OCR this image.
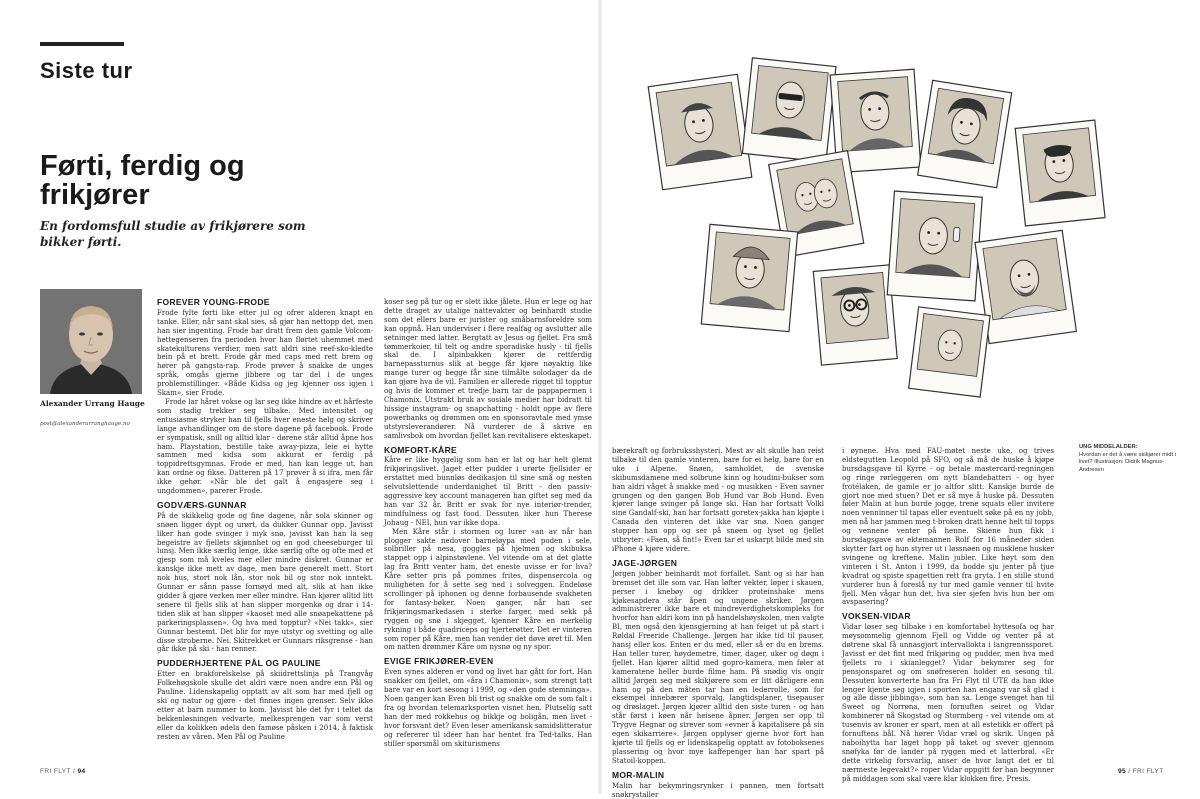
Siste tur
Førti, ferdig og frikjører
En fordomsfull studie av frikjørere som bikker førti.
Alexander Urrang Hauge
post@alexanderurranghauge.no
FOREVER YOUNG-FRODE

Frode fylte førti like etter jul og ofrer alderen knapt en tanke. Eller, når sant skal sies, så gjør han nettopp det, men han sier ingenting. Frode har dratt frem den gamle Volcom-hettegenseren fra perioden hvor han flørtet uhemmet med skatekulturens verdier, men satt aldri sine reef-sko-kledte bein på et brett. Frode går med caps med rett brem og hører på gangsta-rap. Frode prøver å snakke de unges språk, omgås gjerne jibbere og tar del i de unges problemstillinger. «Både Kidsa og jeg kjenner oss igjen i Skam», sier Frode.

Frode lar håret vokse og lar seg ikke hindre av et hårfeste som stadig trekker seg tilbake. Med intensitet og entusiasme stryker han til fjells hver eneste helg og skriver lange avhandlinger om de store dagene på facebook. Frode er sympatisk, snill og alltid klar - dørene står alltid åpne hos ham. Playstation, bestille take away-pizza, leie ei hytte sammen med kidsa som akkurat er ferdig på toppidrettsgymnas. Frode er med, han kan legge ut, han kan ordne og fikse. Datteren på 17 prøver å si ifra, men får ikke gehør. «Når ble det galt å engasjere seg i ungdommen», parerer Frode.

GODVÆRS-GUNNAR

På de skikkelig gode og fine dagene, når sola skinner og snøen ligger dypt og urørt, da dukker Gunnar opp. Javisst liker han gode svinger i myk snø, javisst kan han la seg begeistre av fjellets skjønnhet og en god cheeseburger til lunsj. Men ikke særlig lenge, ikke særlig ofte og ofte med et gjesp som må kveles mer eller mindre diskret. Gunnar er kanskje ikke mett av dage, men bare generelt mett. Stort nok hus, stort nok lån, stor nok bil og stor nok inntekt. Gunnar er sånn passe fornøyd med alt, slik at han ikke gidder å gjøre verken mer eller mindre. Han kjører alltid litt senere til fjells slik at han slipper morgenkø og drar i 14-tiden slik at han slipper «kaoset med alle snøapekattene på parkeringsplassen». Og hva med topptur? «Nei takk», sier Gunnar bestemt. Det blir for mye utstyr og svetting og alle disse stroberne. Nei. Skitrekket er Gunnars riksgrense - han går ikke på ski - han renner.

PUDDERHJERTENE PÅL OG PAULINE

Etter en brakforelskelse på skiidrettslinja på Trangvåg Folkehøgskole skulle det aldri være noen andre enn Pål og Pauline. Lidenskapelig opptatt av alt som har med fjell og ski og natur og gjøre - det finnes ingen grenser. Selv ikke etter at barn nummer to kom. Javisst ble det fyr i teltet da bekkenløsningen vedvarte, melkesprengen var som verst eller da kolikken ødela den famøse påsken i 2014, å faktisk resten av våren. Men Pål og Pauline

koser seg på tur og er slett ikke jålete. Hun er lege og har dette draget av utalige nattevakter og beinhardt studie som det ellers bare er jurister og småbarnsforeldre som kan oppnå. Han underviser i flere realfag og avslutter alle setninger med latter. Bergtatt av Jesus og fjellet. Fra små tømmerkoier, til telt og andre sporadiske husly - til fjells skal de. I alpinbakken kjører de rettferdig barnepassturnus slik at begge får kjøre nøyaktig like mange turer og begge får sine tilmålte solodager da de kan gjøre hva de vil. Familien er allerede rigget til topptur og hvis de kommer et tredje barn tar de pappapermen i Chamonix. Utstrakt bruk av sosiale medier har bidratt til hissige instagram- og snapchatting - holdt oppe av flere powerbanks og drømmen om en sponsoravtale med ymse utstyrsleverandører. Nå vurderer de å skrive en samlivsbok om hvordan fjellet kan revitalisere ekteskapet.

KOMFORT-KÅRE

Kåre er like hyggelig som han er lat og har helt glemt frikjøringslivet. Jaget etter pudder i urørte fjellsider er erstattet med bunnløs dedikasjon til sine små og nesten selvutslettende underdanighet til Britt - den passiv-aggressive key account manageren han giftet seg med da han var 32 år. Britt er svak for nye interiør-trender, mindfulness og fast food. Dessuten liker hun Therese Johaug - NEI, hun var ikke dopa.

Men Kåre står i stormen og lurer «an av når han plogger sakte nedover barneløypa med poden i sele, solbriller på nesa, goggles på hjelmen og skibuksa stappet opp i alpinstøvlene. Vel vitende om at det glatte lag fra Britt venter ham, det eneste uvisse er for hva? Kåre setter pris på pommes frites, dispensercola og muligheten for å sette seg ned i solveggen. Endeløse scrollinger på iphonen og denne forbausende svakheten for fantasy-bøker. Noen ganger, når han ser frikjøringsmarkedasen i sterke farger, med sekk på ryggen og snø i skjegget, kjenner Kåre en merkelig rykning i både quadriceps og hjerterøtter. Det er vinteren som roper på Kåre, men han vender det døve øret til. Men om natten drømmer Kåre om nysnø og ny spor.

EVIGE FRIKJØRER-EVEN

Even synes alderen er vond og livet har gått for fort. Han snakker om fjellet, om «åra i Chamonix», som strengt tatt bare var en kort sesong i 1999, og «den gode stemninga». Noen ganger kan Even bli trist og snakke om de som falt i fra og hvordan telemarksporten visnet hen. Plutselig satt han der med rokkehus og bikkje og boligån, men livet - hvor forsvant det? Even leser amerikansk samidslitteratur og refererer til ideer han har hentet fra Ted-talks. Han stiller spørsmål om skiturismens

FRI FLYT / 94

bærekraft og forbruksshysteri. Mest av alt skulle han reist tilbake til den gamle vinteren, bare for ei helg, bare for en uke i Alpene. Snøen, samholdet, de svenske skibumsdamene med solbrune kinn og houdini-bukser som han aldri våget å snakke med - og musikken - Even savner grungen og den gangen Bob Hund var Bob Hund. Even kjører lange svinger på lange ski. Han har fortsatt Volkl sine Gandalf-ski, han har fortsatt goretex-jakka han kjøpte i Canada den vinteren det ikke var snø. Noen ganger stopper han opp og ser på snøen og lyset og fjellet utbryter: «Faen, så fint!» Even tar et uskarpt bilde med sin iPhone 4 kjøre videre.

JAGE-JØRGEN

Jørgen jobber beinhardt mot forfallet. Sant og si har han bremset det ille som var. Han løfter vekter, løper i skauen, perser i knebøy og drikker proteinshake mens kjøkesapdera står åpen og ungene skriker. Jørgen administrerer ikke bare et mindreverdighetskompleks for hvorfor han aldri kom inn på handelshøyskolen, men valgte BI, men også den kjensgjerning at han feiget ut på start i Røldal Freeride Challenge. Jørgen har ikke tid til pauser, hansj eller kos. Enten er du med, eller så er du en brems. Han teller turer, høydemetre, timer, dager, uker og døgn i fjellet. Han kjører alltid med gopro-kamera, men føler at kameratene heller burde filme ham. På snødig vis ongir alltid Jørgen seg med skikjørere som er litt dårligere enn ham og på den måten tar han en lederrolle, som for eksempel innebærer sporvalg, langtidsplaner, tisepauser og drøslaget. Jørgen kjører alltid den siste turen - og han står først i køen når heisene åpner. Jørgen ser opp til Trygve Hegnar og strever som «evner å kapitalisere på sin egen skikarriere». Jørgen opplyser gjerne hvor fort han kjørte til fjells og er lidenskapelig opptatt av fotoboksenes plassering og hvor mye kaffepenger han har spart på Statoil-koppen.

MOR-MALIN

Malin har bekymringsrynker i pannen, men fortsatt snøkrystaller

i øynene. Hva med FAU-møtet neste uke, og trives eldstegutten Leopold på SFO, og så må de huske å kjøpe bursdagsgave til Kyrre - og betale mastercard-regningen og ringe rørleggeren om nytt blandebatteri - og hyer frotélaken, de gamle er jo altfor slitt. Kanskje burde de gjort noe med stuen? Det er så mye å huske på. Dessuten føler Malin at hun burde jogge, trene squats eller invitere noen venninner til tapas eller eventuelt søke på en ny jobb, men nå har jammen meg t-broken dratt henne helt til topps og vennene venter på henne. Skiene hun fikk i bursdagsgave av ektemannen Rolf for 16 måneder siden skytter fart og hun styrer ut i løssnøen og musklene husker svingene og kreftene. Malin jubler. Like høyt som den vinteren i St. Anton i 1999, da bodde sju jenter på tjue kvadrat og spiste spagettien rett fra gryta. I en stille stund vurderer hun å foreslå ny tur med gamle venner til hvite fjell. Men vågar hun det, hva sier sjefen hvis hun ber om avspasering?

VOKSEN-VIDAR

Vidar løser seg tilbake i en komfortabel hyttesofa og har møysommelig gjennom Fjell og Vidde og venter på at døtrene skal få unnasgjort intervallokta i langrennssporet. Javisst er det fint med frikjøring og pudder, men hva med fjellets ro i skianlegget? Vidar bekymrer seg for pensjonsparet og om snøfreseren holder en sesong til. Dessuten konverterte han fra Fri Flyt til UTE da han ikke lenger kjente seg igjen i sporten han engang var så glad i og alle disse jibbinga», som han sa. Lenge svenget han til Sweet og Norrøna, men fornuften seiret og Vidar kombinerer nå Skogstad og Stormberg - vel vitende om at tusenvis av kroner er spart, men at all estetikk er offert på fornuftens bål. Nå hører Vidar vræl og skrik. Ungen på naboihytta har laget hopp på taket og svever gjennom snøfyka før de lander på ryggen med et latterbrøl. «Er dette virkelig forsvarlig, anser de hvor langt det er til nærmeste legevakt?» roper Vidar oppgitt før han begynner på middagen som skal være klar klokken fire. Presis.

UNG MIDDELALDER:
Hvordan er det å være skikjører midt i livet? Illustrasjon: Didrik Magnus-Andresen
95 / FRI FLYT
